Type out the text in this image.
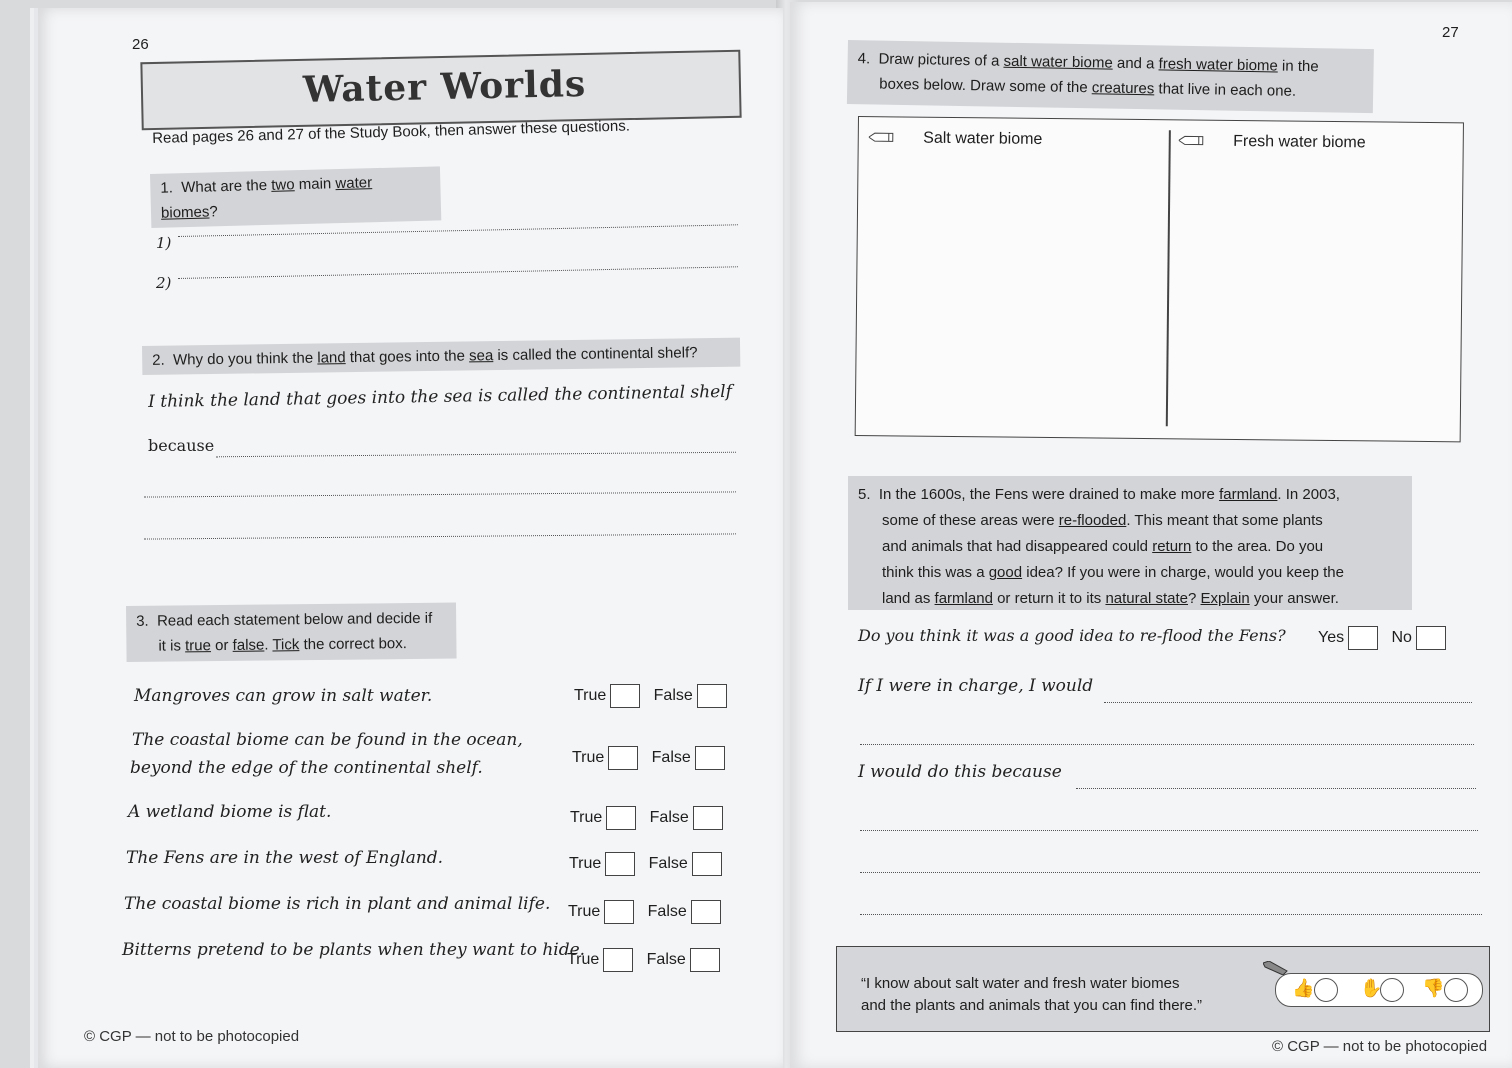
26
Water Worlds
Read pages 26 and 27 of the Study Book, then answer these questions.
1. What are the two main water biomes?
1)
2)
2. Why do you think the land that goes into the sea is called the continental shelf?
I think the land that goes into the sea is called the continental shelf
because
3. Read each statement below and decide if
it is true or false. Tick the correct box.
Mangroves can grow in salt water.	True	False
The coastal biome can be found in the ocean,
beyond the edge of the continental shelf.
True	False
A wetland biome is flat.	True	False
The Fens are in the west of England.	True	False
The coastal biome is rich in plant and animal life. True	False
Bitterns pretend to be plants when they want to hide.
True	False
© CGP — not to be photocopied
27
4. Draw pictures of a salt water biome and a fresh water biome in the
boxes below. Draw some of the creatures that live in each one.
Salt water biome	Fresh water biome
5. In the 1600s, the Fens were drained to make more farmland. In 2003,
some of these areas were re-flooded. This meant that some plants
and animals that had disappeared could return to the area. Do you
think this was a good idea? If you were in charge, would you keep the
land as farmland or return it to its natural state? Explain your answer.
Do you think it was a good idea to re-flood the Fens? Yes	No
If I were in charge, I would
I would do this because
“I know about salt water and fresh water biomes
and the plants and animals that you can find there.”
👍	✋ 👎
© CGP — not to be photocopied
